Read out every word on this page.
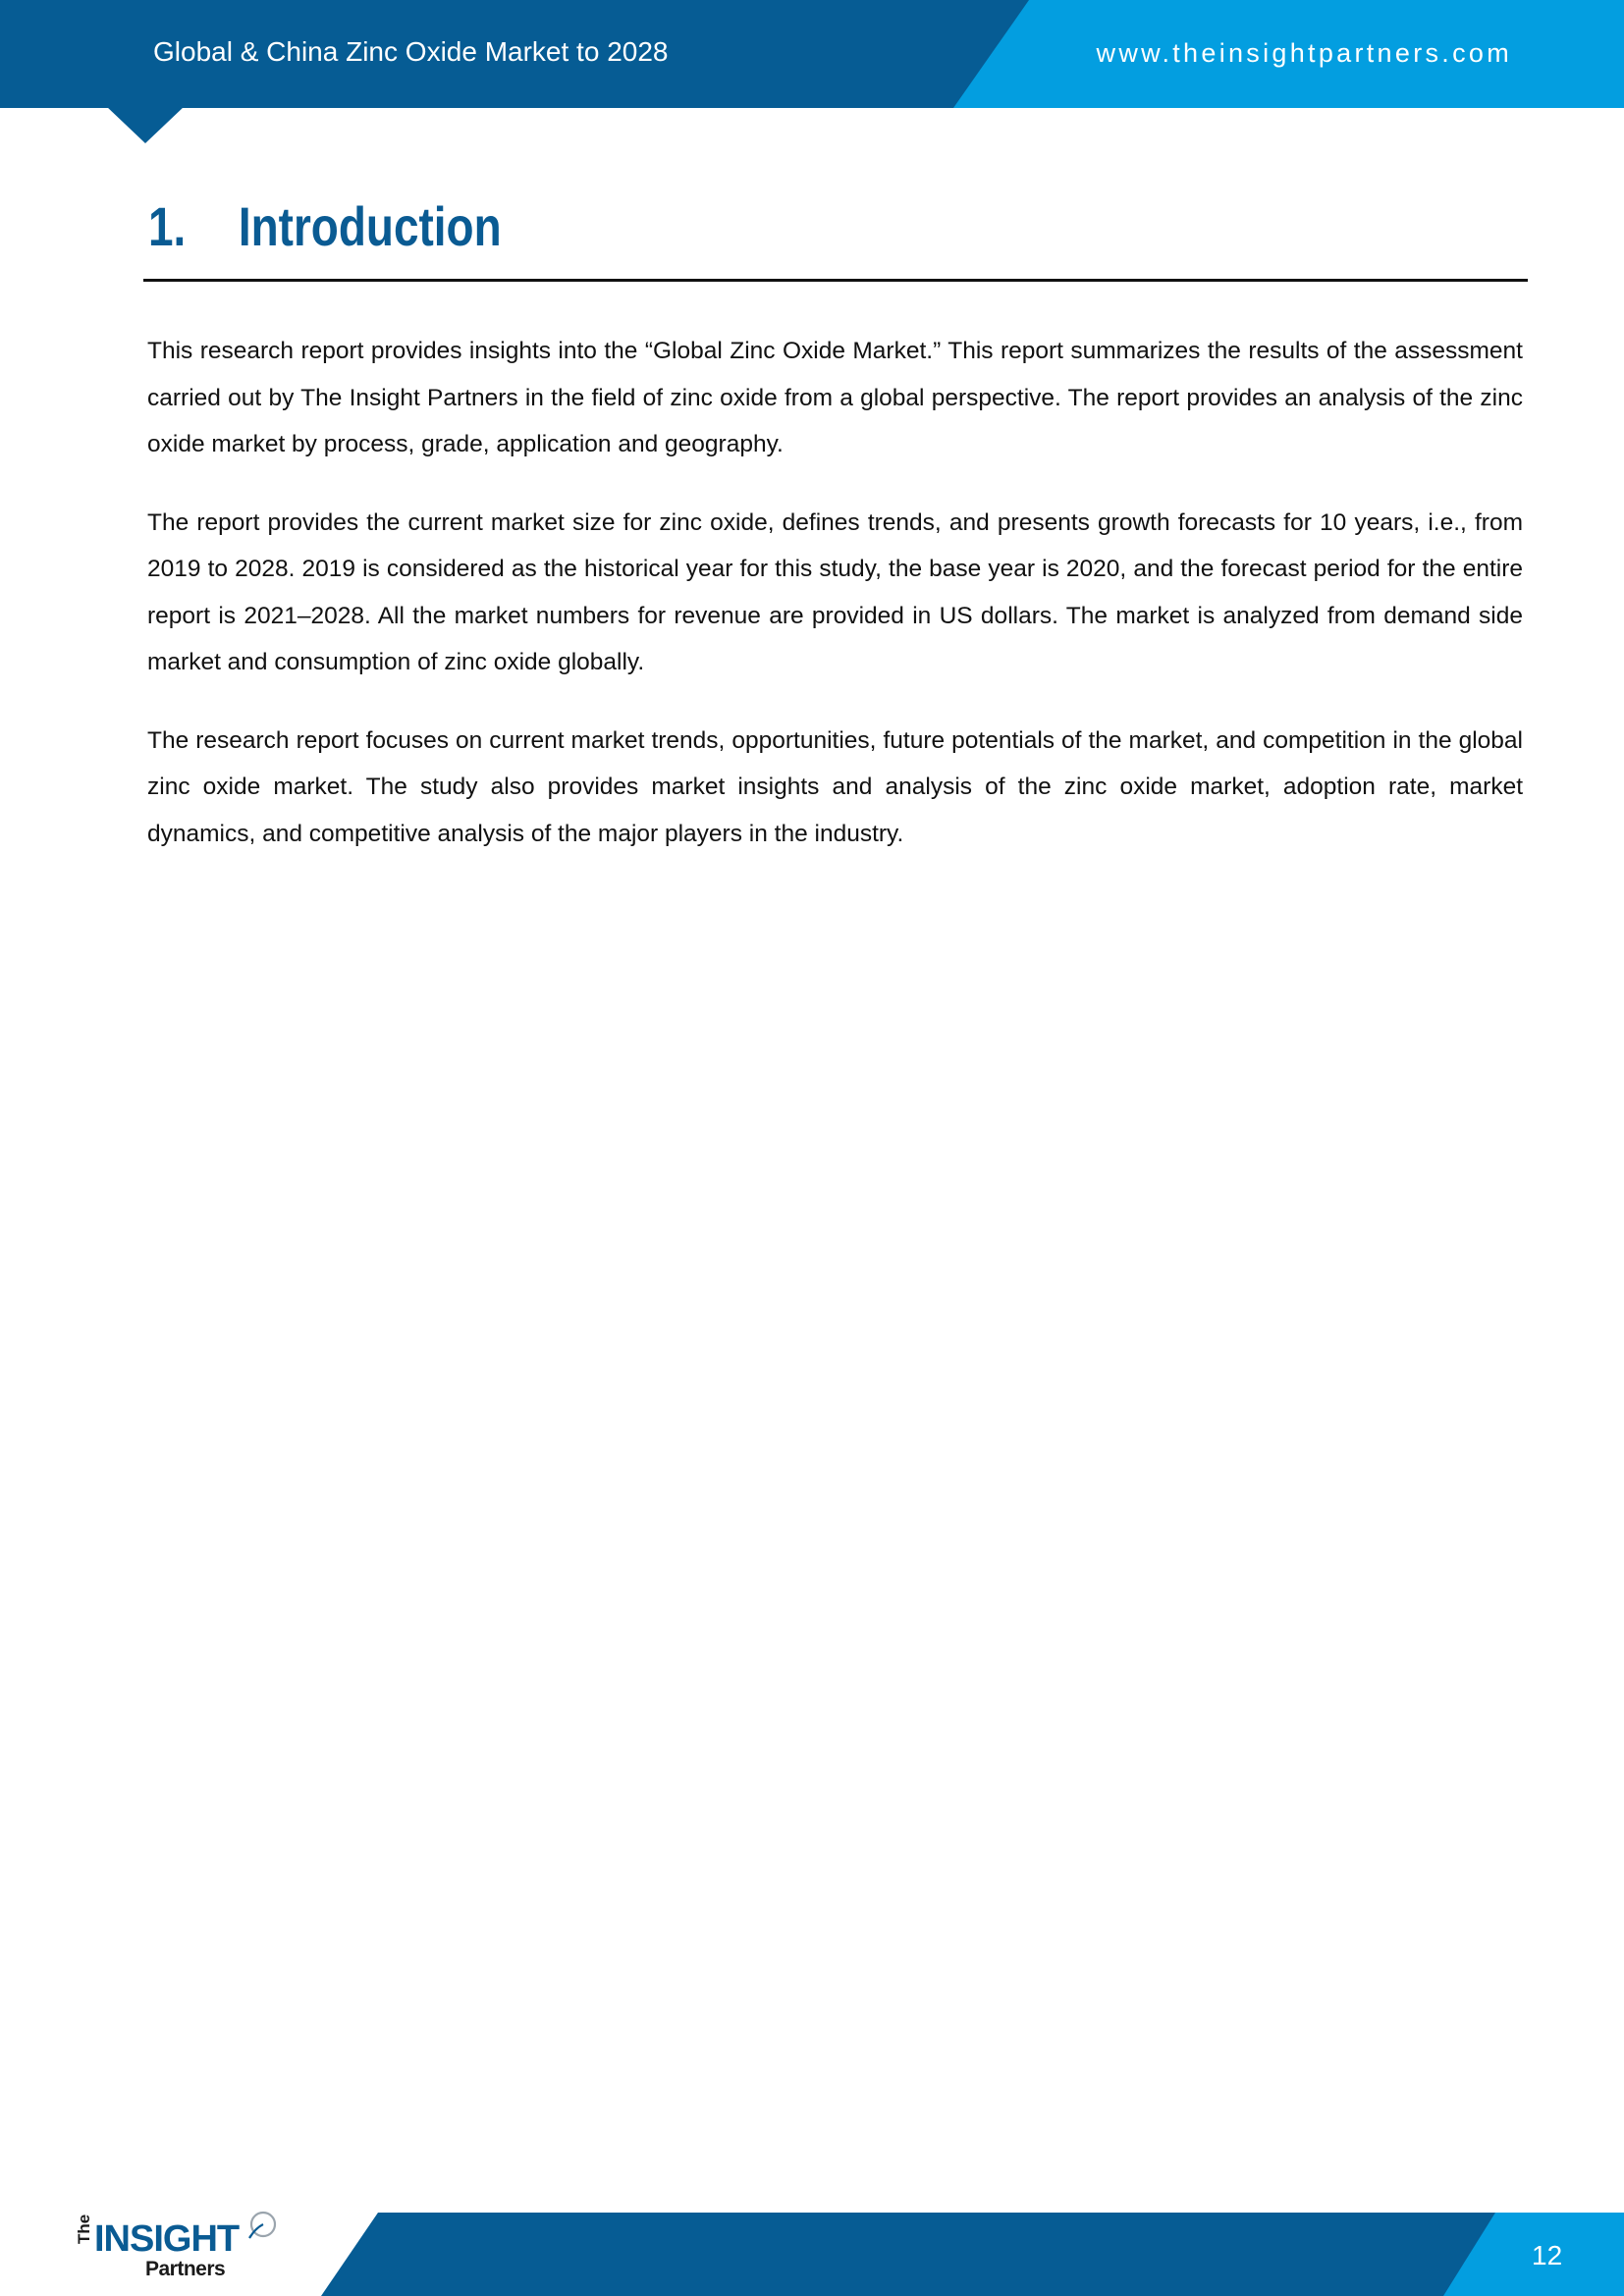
Global & China Zinc Oxide Market to 2028	www.theinsightpartners.com
1. Introduction

This research report provides insights into the “Global Zinc Oxide Market.” This report summarizes the results of the assessment carried out by The Insight Partners in the field of zinc oxide from a global perspective. The report provides an analysis of the zinc oxide market by process, grade, application and geography.

The report provides the current market size for zinc oxide, defines trends, and presents growth forecasts for 10 years, i.e., from 2019 to 2028. 2019 is considered as the historical year for this study, the base year is 2020, and the forecast period for the entire report is 2021–2028. All the market numbers for revenue are provided in US dollars. The market is analyzed from demand side market and consumption of zinc oxide globally.

The research report focuses on current market trends, opportunities, future potentials of the market, and competition in the global zinc oxide market. The study also provides market insights and analysis of the zinc oxide market, adoption rate, market dynamics, and competitive analysis of the major players in the industry.

The INSIGHT
Partners	12
